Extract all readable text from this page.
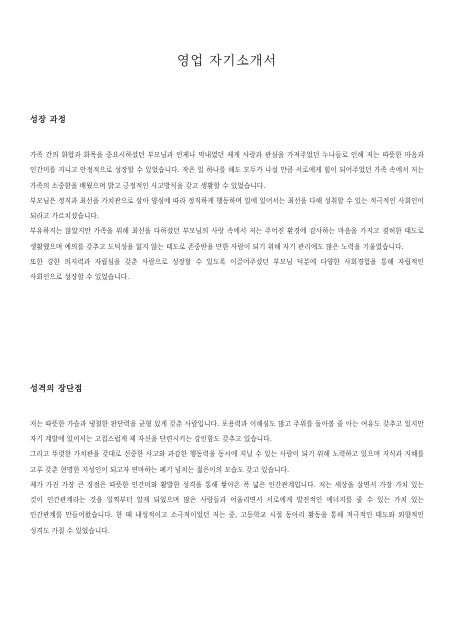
영업 자기소개서
성장 과정

가족 간의 화합과 화목을 중요시하셨던 부모님과 언제나 막내였던 제게 사랑과 관심을 가져주었던 누나들로 인해 저는 따뜻한 마음과 인간미를 지니고 안정적으로 성장할 수 있었습니다. 작은 일 하나를 해도 모두가 나설 만큼 서로에게 힘이 되어주었던 가족 속에서 저는 가족의 소중함을 배웠으며 밝고 긍정적인 사고방식을 갖고 생활할 수 있었습니다.

부모님은 정직과 최선을 가치관으로 삼아 양심에 따라 정직하게 행동하며 일에 있어서는 최선을 다해 성취할 수 있는 적극적인 사회인이 되라고 가르치셨습니다.

부유하지는 않았지만 가족을 위해 최선을 다하셨던 부모님의 사랑 속에서 저는 주어진 환경에 감사하는 마음을 가지고 겸허한 태도로 생활했으며 예의를 갖추고 도덕성을 잃지 않는 태도로 존중받을 만한 사람이 되기 위해 자기 관리에도 많은 노력을 기울였습니다.

또한 강한 의지력과 자립심을 갖춘 사람으로 성장할 수 있도록 이끌어주셨던 부모님 덕분에 다양한 사회경험을 통해 자립적인 사회인으로 성장할 수 있었습니다.

성격의 장단점

저는 따뜻한 가슴과 냉철한 판단력을 균형 있게 갖춘 사람입니다. 포용력과 이해심도 많고 주위를 돌아볼 줄 아는 여유도 갖추고 있지만 자기 계발에 있어서는 고집스럽게 제 자신을 단련시키는 강인함도 갖추고 있습니다.

그리고 뚜렷한 가치관을 갖대로 신중한 사고와 과감한 행동력을 동시에 지닐 수 있는 사람이 되기 위해 노력하고 있으며 지식과 지혜를 고루 갖춘 현명한 지성인이 되고자 연마하는 폐기 넘치는 젊은이의 모습도 갖고 있습니다.

제가 가진 가장 큰 장점은 따뜻한 인간미와 활발한 성격을 통해 쌓아온 폭 넓은 인간관계입니다. 저는 세상을 살면서 가장 가치 있는 것이 인간관계라는 것을 일찍부터 알게 되었으며 많은 사람들과 어울리면서 서로에게 발전적인 에너지를 줄 수 있는 가치 있는 인간관계를 만들어왔습니다. 한 때 내성적이고 소극적이었던 저는 중, 고등학교 시절 동아리 활동을 통해 적극적인 태도와 외향적인 성격도 가질 수 있었습니다.
